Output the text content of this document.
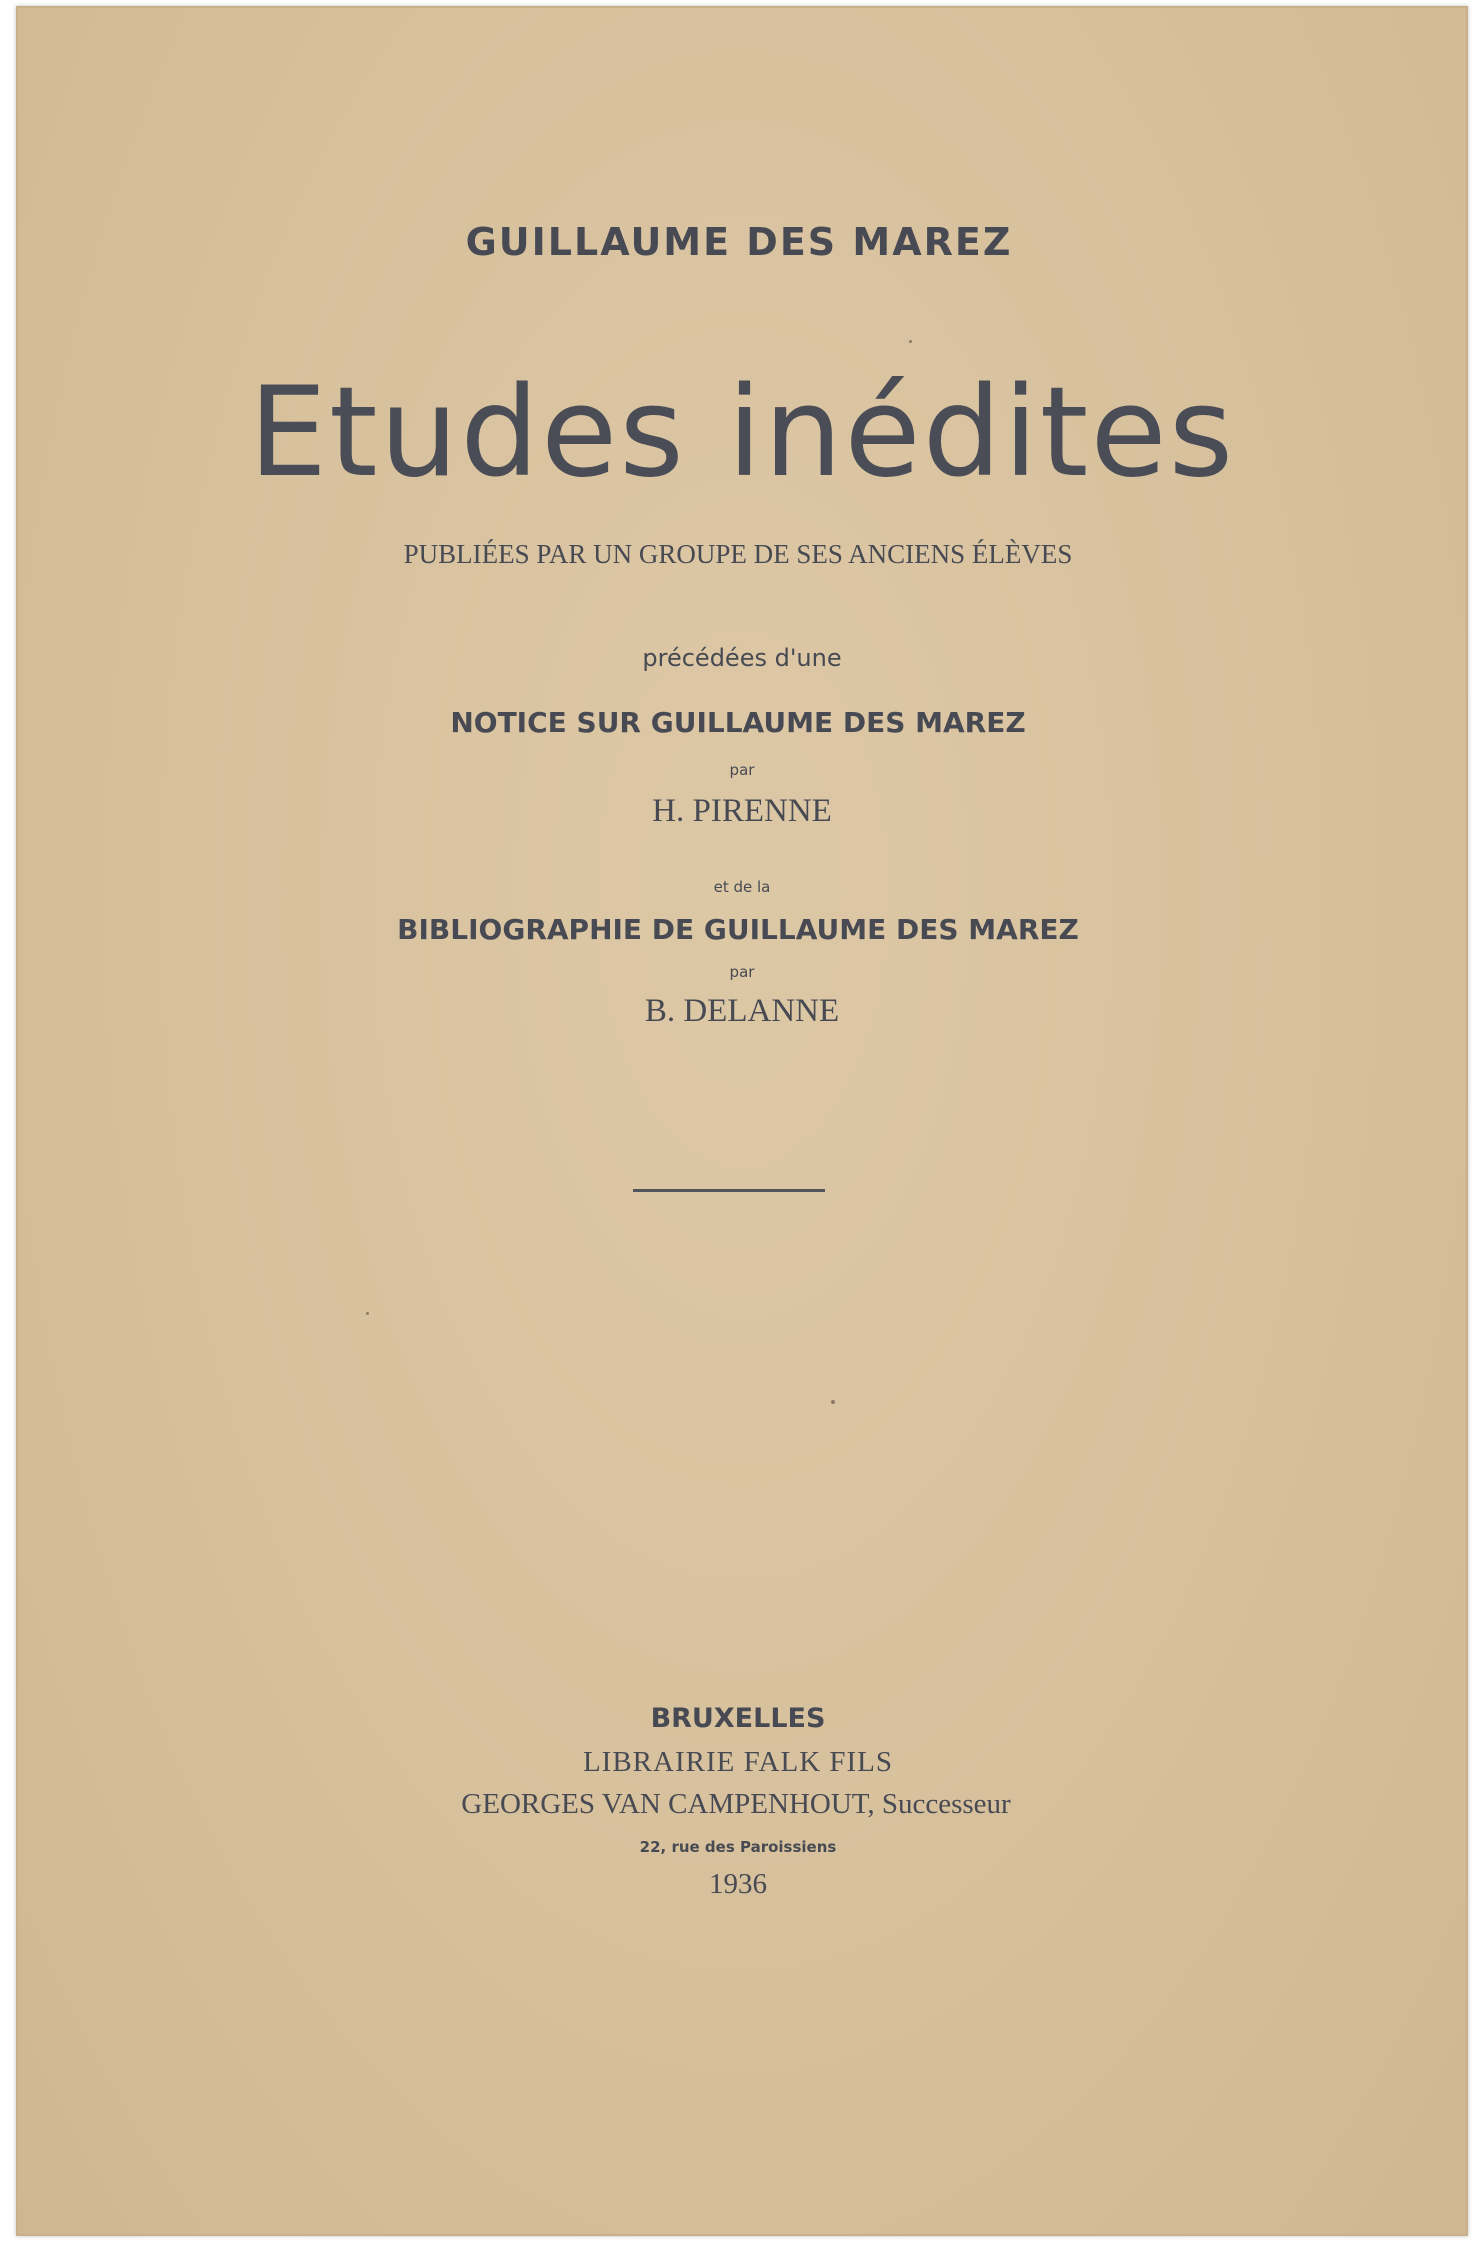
GUILLAUME DES MAREZ
Etudes inédites
PUBLIÉES PAR UN GROUPE DE SES ANCIENS ÉLÈVES
précédées d'une
NOTICE SUR GUILLAUME DES MAREZ
par
H. PIRENNE
et de la
BIBLIOGRAPHIE DE GUILLAUME DES MAREZ
par
B. DELANNE
BRUXELLES
LIBRAIRIE FALK FILS
GEORGES VAN CAMPENHOUT, Successeur
22, rue des Paroissiens
1936
